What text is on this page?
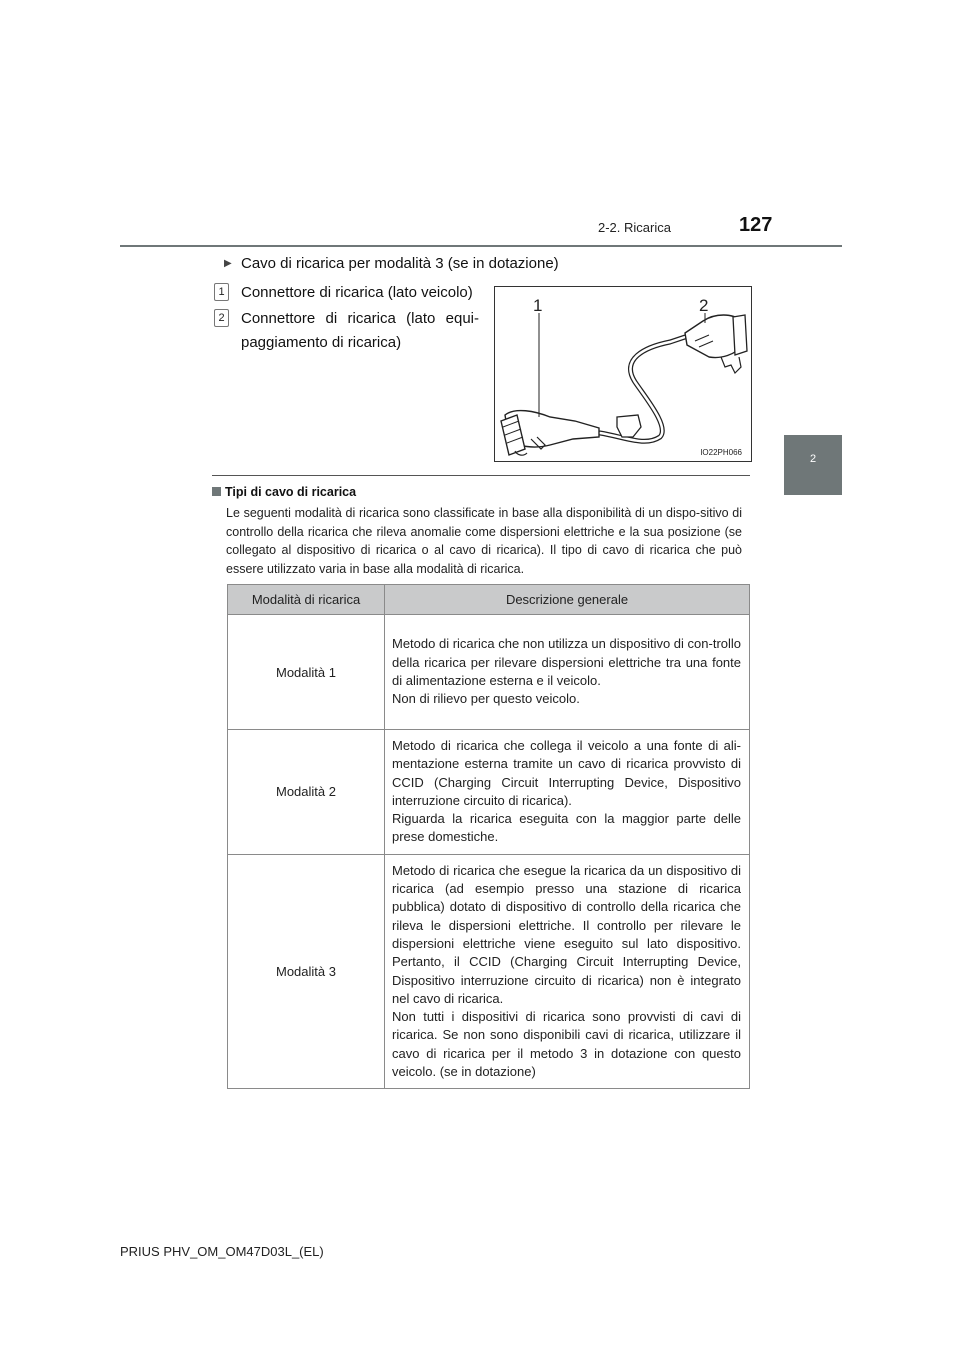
2-2. Ricarica	127
2
Sistema ibrido plug-in
▶ Cavo di ricarica per modalità 3 (se in dotazione)
1 Connettore di ricarica (lato veicolo)
2 Connettore di ricarica (lato equi-paggiamento di ricarica)
1	2
IO22PH066
Tipi di cavo di ricarica
Le seguenti modalità di ricarica sono classificate in base alla disponibilità di un dispo-sitivo di controllo della ricarica che rileva anomalie come dispersioni elettriche e la sua posizione (se collegato al dispositivo di ricarica o al cavo di ricarica). Il tipo di cavo di ricarica che può essere utilizzato varia in base alla modalità di ricarica.
Modalità di ricarica	Descrizione generale
Modalità 1	Metodo di ricarica che non utilizza un dispositivo di con-trollo della ricarica per rilevare dispersioni elettriche tra una fonte di alimentazione esterna e il veicolo.
Non di rilievo per questo veicolo.
Modalità 2	Metodo di ricarica che collega il veicolo a una fonte di ali-mentazione esterna tramite un cavo di ricarica provvisto di CCID (Charging Circuit Interrupting Device, Dispositivo interruzione circuito di ricarica).
Riguarda la ricarica eseguita con la maggior parte delle prese domestiche.
Modalità 3	Metodo di ricarica che esegue la ricarica da un dispositivo di ricarica (ad esempio presso una stazione di ricarica pubblica) dotato di dispositivo di controllo della ricarica che rileva le dispersioni elettriche. Il controllo per rilevare le dispersioni elettriche viene eseguito sul lato dispositivo. Pertanto, il CCID (Charging Circuit Interrupting Device, Dispositivo interruzione circuito di ricarica) non è integrato nel cavo di ricarica.
Non tutti i dispositivi di ricarica sono provvisti di cavi di ricarica. Se non sono disponibili cavi di ricarica, utilizzare il cavo di ricarica per il metodo 3 in dotazione con questo veicolo. (se in dotazione)
PRIUS PHV_OM_OM47D03L_(EL)
